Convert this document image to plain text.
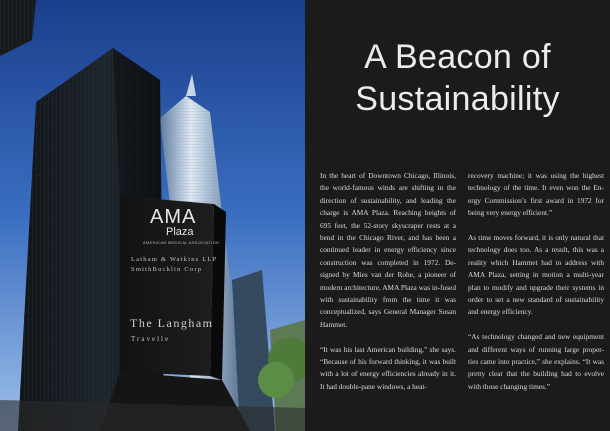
AMA
Plaza
AMERICAN MEDICAL ASSOCIATION
Latham & Watkins LLP
SmithBucklin Corp
The Langham
Travelle
A Beacon of
Sustainability

In the heart of Downtown Chicago, Illinois, the world-famous winds are shifting in the direction of sustainability, and leading the charge is AMA Plaza. Reaching heights of 695 feet, the 52-story skyscraper rests at a bend in the Chicago River, and has been a continued leader in energy efficiency since construction was completed in 1972. De-signed by Mies van der Rohe, a pioneer of modern architecture, AMA Plaza was in-fused with sustainability from the time it was conceptualized, says General Manager Susan Hammet.

“It was his last American building,” she says. “Because of his forward thinking, it was built with a lot of energy efficiencies already in it. It had double-pane windows, a heat-

recovery machine; it was using the highest technology of the time. It even won the En-ergy Commission’s first award in 1972 for being very energy efficient.”

As time moves forward, it is only natural that technology does too. As a result, this was a reality which Hammet had to address with AMA Plaza, setting in motion a multi-year plan to modify and upgrade their systems in order to set a new standard of sustainability and energy efficiency.

“As technology changed and new equipment and different ways of running large proper-ties came into practice,” she explains. “It was pretty clear that the building had to evolve with those changing times.”
